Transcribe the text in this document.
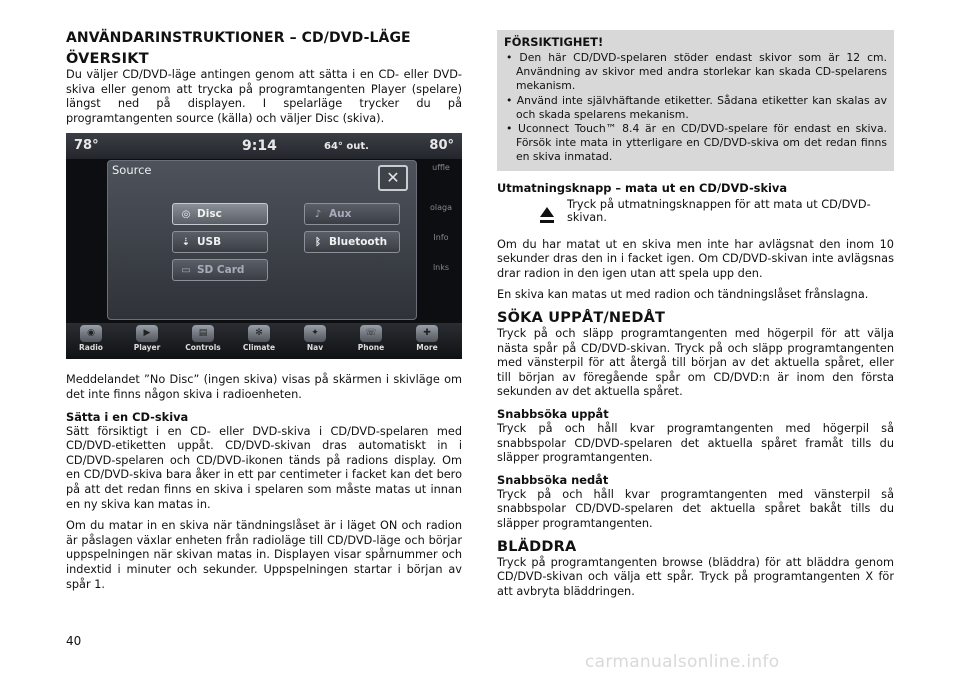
ANVÄNDARINSTRUKTIONER – CD/DVD-LÄGE
ÖVERSIKT

Du väljer CD/DVD-läge antingen genom att sätta i en CD- eller DVD-skiva eller genom att trycka på programtangenten Player (spelare) längst ned på displayen. I spelarläge trycker du på programtangenten source (källa) och väljer Disc (skiva).

78°	9:14	64° out.	80°
uffle
olaga
Info
lnks
Source	✕
◎ Disc	♪ Aux
⇣ USB	ᛒ Bluetooth
▭ SD Card
◉
Radio
▶
Player
▤
Controls
✻
Climate
✦
Nav
☏
Phone
✚
More

Meddelandet ”No Disc” (ingen skiva) visas på skärmen i skivläge om det inte finns någon skiva i radioenheten.

Sätta i en CD-skiva

Sätt försiktigt i en CD- eller DVD-skiva i CD/DVD-spelaren med CD/DVD-etiketten uppåt. CD/DVD-skivan dras automatiskt in i CD/DVD-spelaren och CD/DVD-ikonen tänds på radions display. Om en CD/DVD-skiva bara åker in ett par centimeter i facket kan det bero på att det redan finns en skiva i spelaren som måste matas ut innan en ny skiva kan matas in.

Om du matar in en skiva när tändningslåset är i läget ON och radion är påslagen växlar enheten från radioläge till CD/DVD-läge och börjar uppspelningen när skivan matas in. Displayen visar spårnummer och indextid i minuter och sekunder. Uppspelningen startar i början av spår 1.

FÖRSIKTIGHET!

• Den här CD/DVD-spelaren stöder endast skivor som är 12 cm. Användning av skivor med andra storlekar kan skada CD-spelarens mekanism.

• Använd inte självhäftande etiketter. Sådana etiketter kan skalas av och skada spelarens mekanism.

• Uconnect Touch™ 8.4 är en CD/DVD-spelare för endast en skiva. Försök inte mata in ytterligare en CD/DVD-skiva om det redan finns en skiva inmatad.

Utmatningsknapp – mata ut en CD/DVD-skiva
Tryck på utmatningsknappen för att mata ut CD/DVD-skivan.

Om du har matat ut en skiva men inte har avlägsnat den inom 10 sekunder dras den in i facket igen. Om CD/DVD-skivan inte avlägsnas drar radion in den igen utan att spela upp den.

En skiva kan matas ut med radion och tändningslåset frånslagna.

SÖKA UPPÅT/NEDÅT

Tryck på och släpp programtangenten med högerpil för att välja nästa spår på CD/DVD-skivan. Tryck på och släpp programtangenten med vänsterpil för att återgå till början av det aktuella spåret, eller till början av föregående spår om CD/DVD:n är inom den första sekunden av det aktuella spåret.

Snabbsöka uppåt

Tryck på och håll kvar programtangenten med högerpil så snabbspolar CD/DVD-spelaren det aktuella spåret framåt tills du släpper programtangenten.

Snabbsöka nedåt

Tryck på och håll kvar programtangenten med vänsterpil så snabbspolar CD/DVD-spelaren det aktuella spåret bakåt tills du släpper programtangenten.

BLÄDDRA

Tryck på programtangenten browse (bläddra) för att bläddra genom CD/DVD-skivan och välja ett spår. Tryck på programtangenten X för att avbryta bläddringen.

40
carmanualsonline.info
